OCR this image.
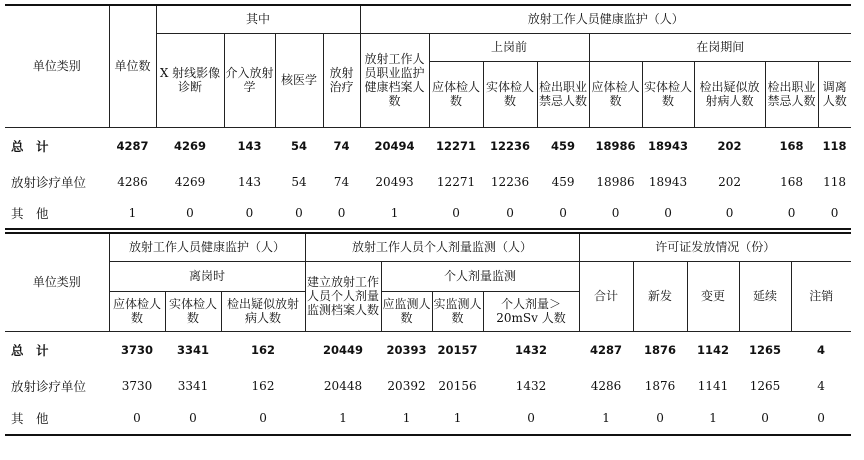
单位类别	单位数	其中				放射工作人员健康监护（人）								
		X 射线影像诊断	介入放射学	核医学	放射治疗	放射工作人员职业监护健康档案人数	上岗前			在岗期间				
							应体检人数	实体检人数	检出职业禁忌人数	应体检人数	实体检人数	检出疑似放射病人数	检出职业禁忌人数	调离人数
总　计	4287	4269	143	54	74	20494	12271	12236	459	18986	18943	202	168	118
放射诊疗单位	4286	4269	143	54	74	20493	12271	12236	459	18986	18943	202	168	118
其　他	1	0	0	0	0	1	0	0	0	0	0	0	0	0
单位类别	放射工作人员健康监护（人）			放射工作人员个人剂量监测（人）				许可证发放情况（份）				
	离岗时			建立放射工作人员个人剂量监测档案人数	个人剂量监测			合计	新发	变更	延续	注销
	应体检人数	实体检人数	检出疑似放射病人数		应监测人数	实监测人数	个人剂量＞20mSv 人数					
总　计	3730	3341	162	20449	20393	20157	1432	4287	1876	1142	1265	4
放射诊疗单位	3730	3341	162	20448	20392	20156	1432	4286	1876	1141	1265	4
其　他	0	0	0	1	1	1	0	1	0	1	0	0
